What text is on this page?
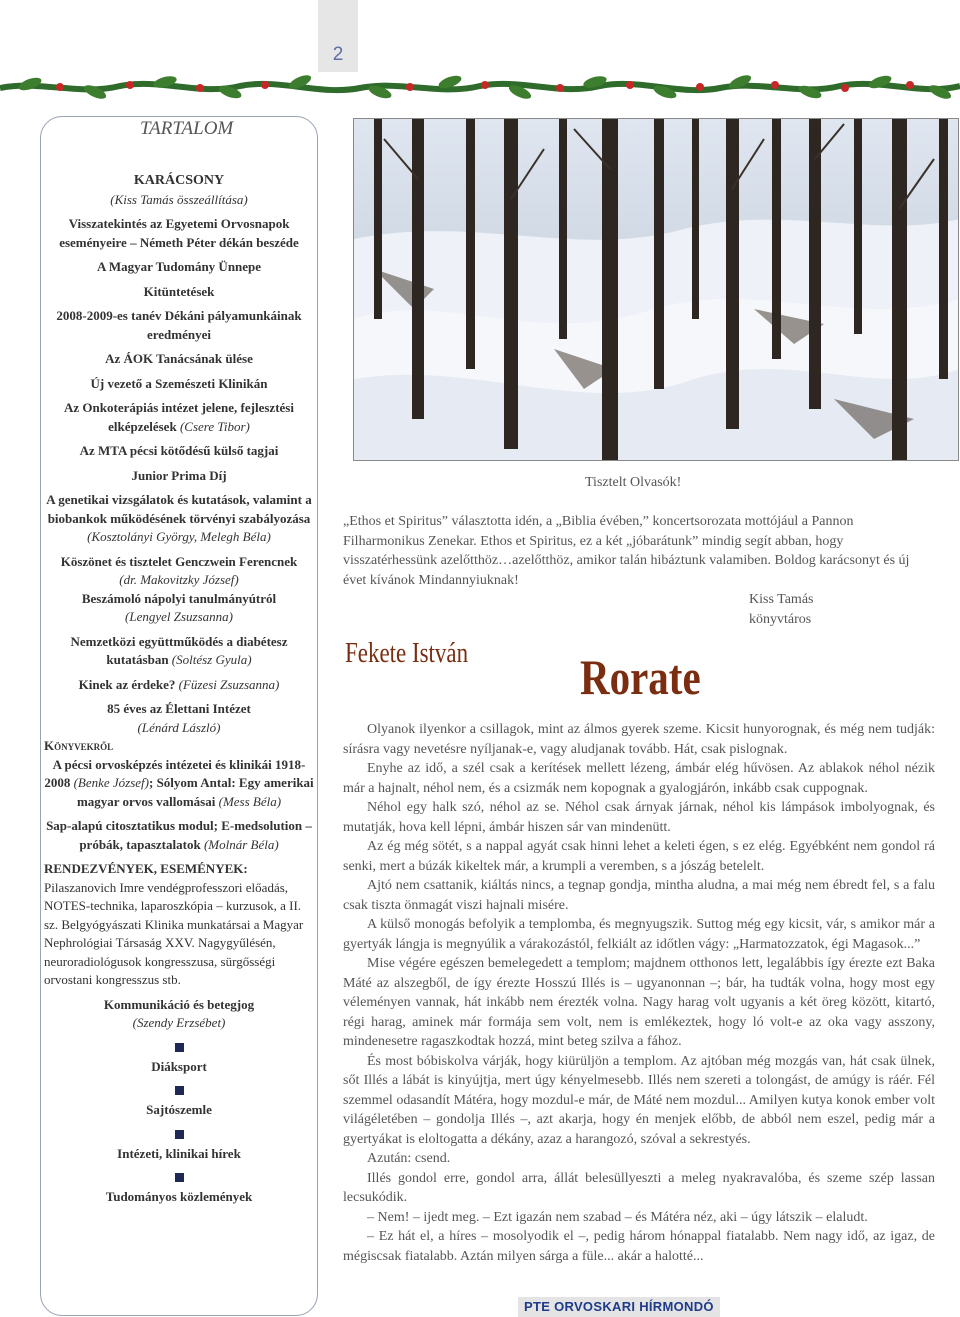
2
TARTALOM
KARÁCSONY
(Kiss Tamás összeállítása)
Visszatekintés az Egyetemi Orvosnapok eseményeire – Németh Péter dékán beszéde
A Magyar Tudomány Ünnepe
Kitüntetések
2008-2009-es tanév Dékáni pályamunkáinak eredményei
Az ÁOK Tanácsának ülése
Új vezető a Szemészeti Klinikán
Az Onkoterápiás intézet jelene, fejlesztési elképzelések (Csere Tibor)
Az MTA pécsi kötődésű külső tagjai
Junior Prima Díj
A genetikai vizsgálatok és kutatások, valamint a biobankok működésének törvényi szabályozása (Kosztolányi György, Melegh Béla)
Köszönet és tisztelet Genczwein Ferencnek
(dr. Makovitzky József)
Beszámoló nápolyi tanulmányútról
(Lengyel Zsuzsanna)
Nemzetközi együttműködés a diabétesz kutatásban (Soltész Gyula)
Kinek az érdeke? (Füzesi Zsuzsanna)
85 éves az Élettani Intézet
(Lénárd László)
Könyvekről
A pécsi orvosképzés intézetei és klinikái 1918-2008 (Benke József); Sólyom Antal: Egy amerikai magyar orvos vallomásai (Mess Béla)
Sap-alapú citosztatikus modul; E-medsolution – próbák, tapasztalatok (Molnár Béla)
RENDEZVÉNYEK, ESEMÉNYEK:
Pilaszanovich Imre vendégprofesszori előadás, NOTES-technika, laparoszkópia – kurzusok, a II. sz. Belgyógyászati Klinika munkatársai a Magyar Nephrológiai Társaság XXV. Nagygyűlésén, neuroradiológusok kongresszusa, sürgősségi orvostani kongresszus stb.
Kommunikáció és betegjog
(Szendy Erzsébet)
Diáksport
Sajtószemle
Intézeti, klinikai hírek
Tudományos közlemények
Tisztelt Olvasók!
„Ethos et Spiritus” választotta idén, a „Biblia évében,” koncertsorozata mottójául a Pannon Filharmonikus Zenekar. Ethos et Spiritus, ez a két „jóbarátunk” mindig segít abban, hogy visszatérhessünk azelőtthöz…azelőtthöz, amikor talán hibáztunk valamiben. Boldog karácsonyt és új évet kívánok Mindannyiuknak!
Kiss Tamás
könyvtáros
Fekete István Rorate

Olyanok ilyenkor a csillagok, mint az álmos gyerek szeme. Kicsit hunyorognak, és még nem tudják: sírásra vagy nevetésre nyíljanak-e, vagy aludjanak tovább. Hát, csak pislognak.

Enyhe az idő, a szél csak a kerítések mellett lézeng, ámbár elég hűvösen. Az ablakok néhol nézik már a hajnalt, néhol nem, és a csizmák nem kopognak a gyalogjárón, inkább csak cuppognak.

Néhol egy halk szó, néhol az se. Néhol csak árnyak járnak, néhol kis lámpások imbolyognak, és mutatják, hova kell lépni, ámbár hiszen sár van mindenütt.

Az ég még sötét, s a nappal agyát csak hinni lehet a keleti égen, s ez elég. Egyébként nem gondol rá senki, mert a búzák kikeltek már, a krumpli a veremben, s a jószág betelelt.

Ajtó nem csattanik, kiáltás nincs, a tegnap gondja, mintha aludna, a mai még nem ébredt fel, s a falu csak tiszta önmagát viszi hajnali misére.

A külső monogás befolyik a templomba, és megnyugszik. Suttog még egy kicsit, vár, s amikor már a gyertyák lángja is megnyúlik a várakozástól, felkiált az időtlen vágy: „Harmatozzatok, égi Magasok...”

Mise végére egészen bemelegedett a templom; majdnem otthonos lett, legalábbis így érezte ezt Baka Máté az alszegből, de így érezte Hosszú Illés is – ugyanonnan –; bár, ha tudták volna, hogy most egy véleményen vannak, hát inkább nem érezték volna. Nagy harag volt ugyanis a két öreg között, kitartó, régi harag, aminek már formája sem volt, nem is emlékeztek, hogy ló volt-e az oka vagy asszony, mindenesetre ragaszkodtak hozzá, mint beteg szilva a fához.

És most bóbiskolva várják, hogy kiürüljön a templom. Az ajtóban még mozgás van, hát csak ülnek, sőt Illés a lábát is kinyújtja, mert úgy kényelmesebb. Illés nem szereti a tolongást, de amúgy is ráér. Fél szemmel odasandít Mátéra, hogy mozdul-e már, de Máté nem mozdul... Amilyen kutya konok ember volt világéletében – gondolja Illés –, azt akarja, hogy én menjek előbb, de abból nem eszel, pedig már a gyertyákat is eloltogatta a dékány, azaz a harangozó, szóval a sekrestyés.

Azután: csend.

Illés gondol erre, gondol arra, állát belesüllyeszti a meleg nyakravalóba, és szeme szép lassan lecsukódik.

– Nem! – ijedt meg. – Ezt igazán nem szabad – és Mátéra néz, aki – úgy látszik – elaludt.

– Ez hát el, a híres – mosolyodik el –, pedig három hónappal fiatalabb. Nem nagy idő, az igaz, de mégiscsak fiatalabb. Aztán milyen sárga a füle... akár a halotté...

PTE ORVOSKARI HÍRMONDÓ
